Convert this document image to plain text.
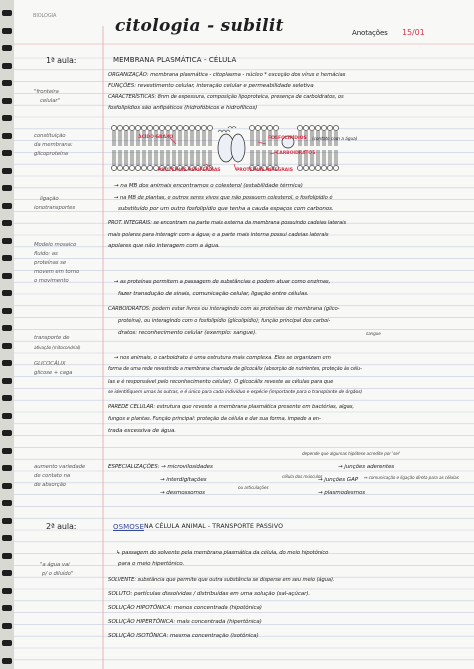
BIOLOGIA	citologia - subilit	Anotações 15/01
1ª aula:	MEMBRANA PLASMÁTICA - CÉLULA
"fronteira
celular"
constituição
da membrana:
glicoproteína
ligação
ionotransportes
Modelo mosaico
fluido: as
proteínas se
movem em torno
o movimento
transporte de
ativação (mitocondrial)
GLICOCÁLIX
glicose + caga
aumento variedade
de contato na
de absorção
"a água vai
p/ o diluído"
ORGANIZAÇÃO: membrana plasmática - citoplasma - núcleo * exceção dos vírus e hemácias
FUNÇÕES: revestimento celular, interação celular e permeabilidade seletiva
CARACTERÍSTICAS: 8nm de espessura, composição lipoproteica, presença de carboidratos, os
fosfolipídios são anfipáticos (hidrofóbicos e hidrofílicos)
→ na MB dos animais encontramos o colesterol (estabilidade térmica)
→ na MB de plantas, e outros seres vivos que não possuem colesterol, o fosfolipídio é
substituído por um outro fosfolipídio que tenha a cauda espaços com carbonos.
PROT. INTEGRAIS: se encontram na parte mais externa da membrana possuindo cadeias laterais
mais polares para interagir com a água; e a parte mais interna possui cadeias laterais
apolares que não interagem com a água.
→ as proteínas permitem a passagem de substâncias e podem atuar como enzimas,
fazer transdução de sinais, comunicação celular, ligação entre células.
CARBOIDRATOS: podem estar livres ou interagindo com as proteínas de membrana (glico-
proteína), ou interagindo com o fosfolipídio (glicolipídio); função principal dos carboi-
dratos: reconhecimento celular (exemplo: sangue).
→ nos animais, o carboidrato é uma estrutura mais complexa. Eles se organizam em
forma de uma rede revestindo a membrana chamada de glicocálix (absorção de nutrientes, proteção às célu-
las e é responsável pelo reconhecimento celular). O glicocálix reveste as células para que
se identifiquem umas às outras, e é único para cada indivíduo e espécie (importante para o transplante de órgãos)
PAREDE CELULAR: estrutura que reveste a membrana plasmática presente em bactérias, algas,
fungos e plantas. Função principal: proteção da célula e dar sua forma, impede a en-
trada excessiva de água.
ESPECIALIZAÇÕES: → microvilosidades
→ interdigitações
→ desmossomos
→ junções aderentes
→ junções GAP
→ plasmodesmos
↳ passagem do solvente pela membrana plasmática da célula, do meio hipotônico
para o meio hipertônico.
SOLVENTE: substância que permite que outra substância se disperse em seu meio (água).
SOLUTO: partículas dissolvidas / distribuídas em uma solução (sal-açúcar).
SOLUÇÃO HIPOTÔNICA: menos concentrada (hipotônica)
SOLUÇÃO HIPERTÔNICA: mais concentrada (hipertônica)
SOLUÇÃO ISOTÔNICA: mesma concentração (isotônica)
ÁCIDO GRAXO	FOSFOLIPÍDIOS (contato com a água)
CARBOIDRATOS
PROTEÍNAS PERIFÉRICAS	PROTEÍNAS INTEGRAIS
depende que algumas hipótese acredite por 'ser'
célula dos músculos	↔ comunicação e ligação direta para as células
ou articulações
sangue
2ª aula:	OSMOSE NA CÉLULA ANIMAL - TRANSPORTE PASSIVO
